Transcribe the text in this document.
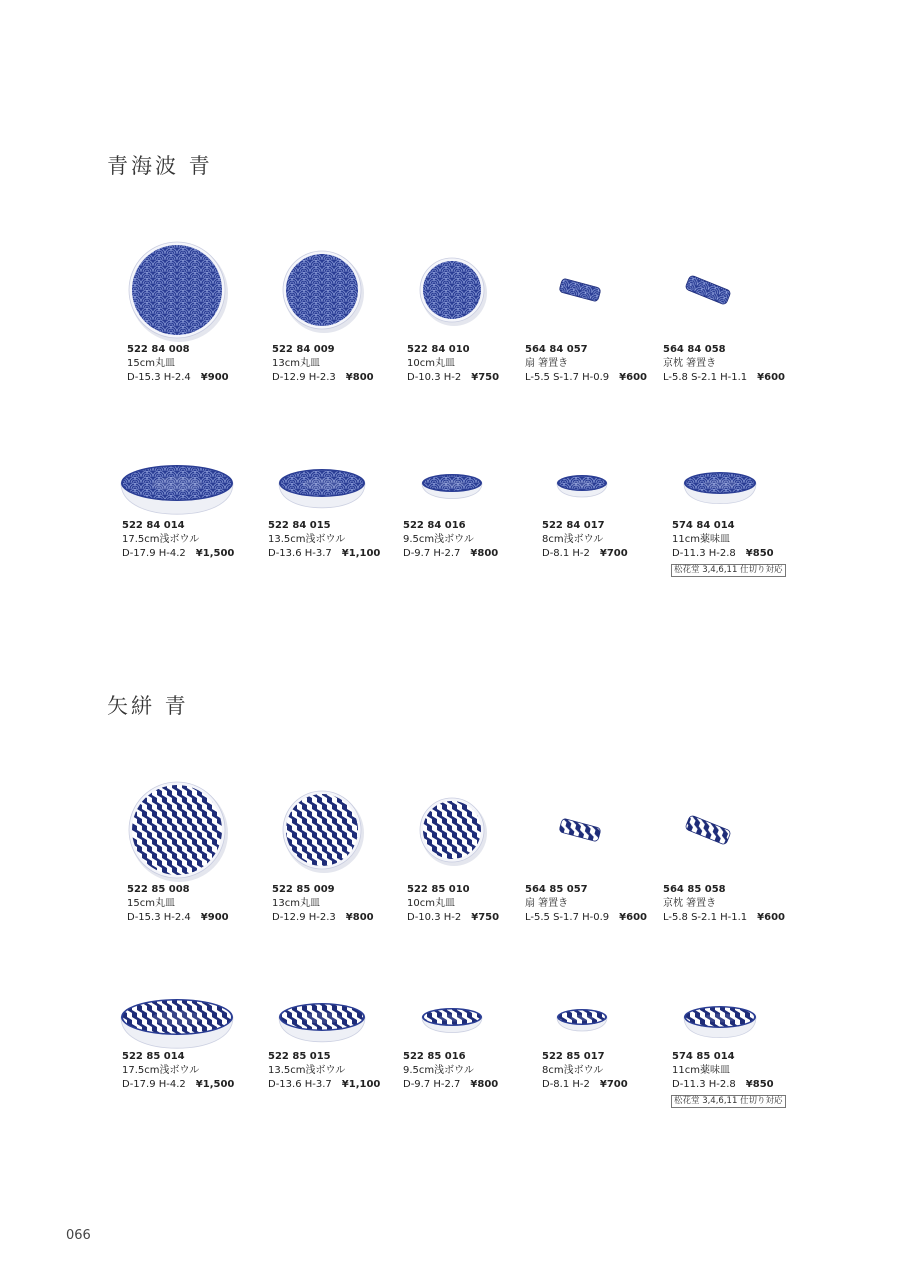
青海波 青
522 84 008
15cm丸皿
D-15.3 H-2.4 ¥900
522 84 009
13cm丸皿
D-12.9 H-2.3 ¥800
522 84 010
10cm丸皿
D-10.3 H-2 ¥750
564 84 057
扇 箸置き
L-5.5 S-1.7 H-0.9 ¥600
564 84 058
京枕 箸置き
L-5.8 S-2.1 H-1.1 ¥600
522 84 014
17.5cm浅ボウル
D-17.9 H-4.2 ¥1,500
522 84 015
13.5cm浅ボウル
D-13.6 H-3.7 ¥1,100
522 84 016
9.5cm浅ボウル
D-9.7 H-2.7 ¥800
522 84 017
8cm浅ボウル
D-8.1 H-2 ¥700
574 84 014
11cm薬味皿
D-11.3 H-2.8 ¥850
松花堂 3,4,6,11 仕切り対応
矢絣 青
522 85 008
15cm丸皿
D-15.3 H-2.4 ¥900
522 85 009
13cm丸皿
D-12.9 H-2.3 ¥800
522 85 010
10cm丸皿
D-10.3 H-2 ¥750
564 85 057
扇 箸置き
L-5.5 S-1.7 H-0.9 ¥600
564 85 058
京枕 箸置き
L-5.8 S-2.1 H-1.1 ¥600
522 85 014
17.5cm浅ボウル
D-17.9 H-4.2 ¥1,500
522 85 015
13.5cm浅ボウル
D-13.6 H-3.7 ¥1,100
522 85 016
9.5cm浅ボウル
D-9.7 H-2.7 ¥800
522 85 017
8cm浅ボウル
D-8.1 H-2 ¥700
574 85 014
11cm薬味皿
D-11.3 H-2.8 ¥850
松花堂 3,4,6,11 仕切り対応
066
